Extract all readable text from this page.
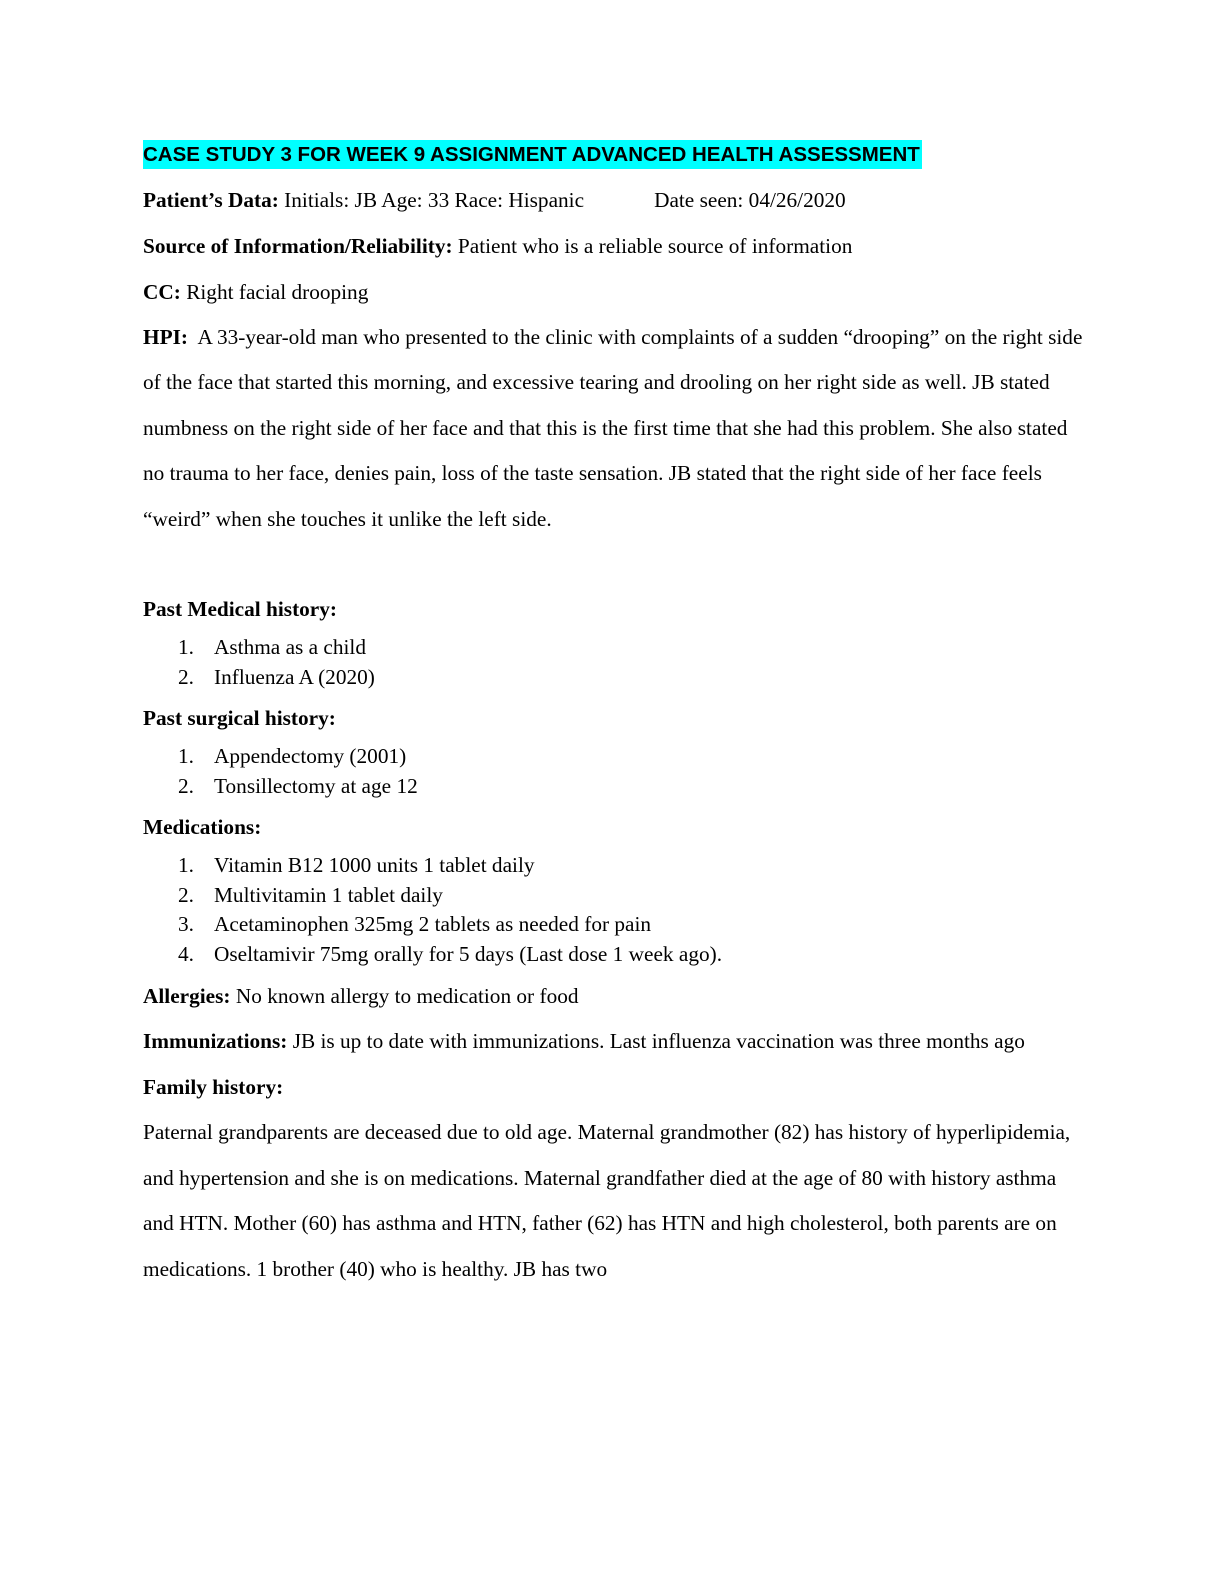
CASE STUDY 3 FOR WEEK 9 ASSIGNMENT ADVANCED HEALTH ASSESSMENT

Patient’s Data: Initials: JB Age: 33 Race: Hispanic	Date seen: 04/26/2020

Source of Information/Reliability: Patient who is a reliable source of information

CC: Right facial drooping

HPI: A 33-year-old man who presented to the clinic with complaints of a sudden “drooping” on the right side of the face that started this morning, and excessive tearing and drooling on her right side as well. JB stated numbness on the right side of her face and that this is the first time that she had this problem. She also stated no trauma to her face, denies pain, loss of the taste sensation. JB stated that the right side of her face feels “weird” when she touches it unlike the left side.

Past Medical history:

1. Asthma as a child
2. Influenza A (2020)

Past surgical history:

1. Appendectomy (2001)
2. Tonsillectomy at age 12

Medications:

1. Vitamin B12 1000 units 1 tablet daily
2. Multivitamin 1 tablet daily
3. Acetaminophen 325mg 2 tablets as needed for pain
4. Oseltamivir 75mg orally for 5 days (Last dose 1 week ago).

Allergies: No known allergy to medication or food

Immunizations: JB is up to date with immunizations. Last influenza vaccination was three months ago

Family history:

Paternal grandparents are deceased due to old age. Maternal grandmother (82) has history of hyperlipidemia, and hypertension and she is on medications. Maternal grandfather died at the age of 80 with history asthma and HTN. Mother (60) has asthma and HTN, father (62) has HTN and high cholesterol, both parents are on medications. 1 brother (40) who is healthy. JB has two
